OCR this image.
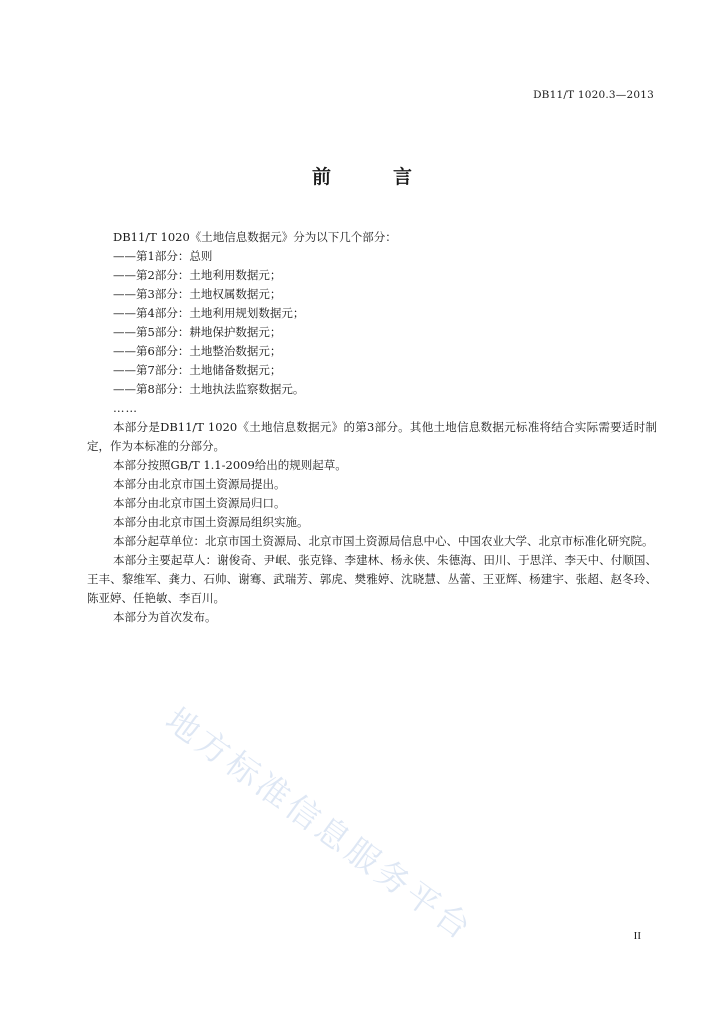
DB11/T 1020.3—2013
前言

DB11/T 1020《土地信息数据元》分为以下几个部分：

——第1部分：总则

——第2部分：土地利用数据元；

——第3部分：土地权属数据元；

——第4部分：土地利用规划数据元；

——第5部分：耕地保护数据元；

——第6部分：土地整治数据元；

——第7部分：土地储备数据元；

——第8部分：土地执法监察数据元。

……

本部分是DB11/T 1020《土地信息数据元》的第3部分。其他土地信息数据元标准将结合实际需要适时制定，作为本标准的分部分。

本部分按照GB/T 1.1-2009给出的规则起草。

本部分由北京市国土资源局提出。

本部分由北京市国土资源局归口。

本部分由北京市国土资源局组织实施。

本部分起草单位：北京市国土资源局、北京市国土资源局信息中心、中国农业大学、北京市标准化研究院。

本部分主要起草人：谢俊奇、尹岷、张克锋、李建林、杨永侠、朱德海、田川、于思洋、李天中、付顺国、王丰、黎维军、龚力、石帅、谢骞、武瑞芳、郭虎、樊雅婷、沈晓慧、丛蕾、王亚辉、杨建宇、张超、赵冬玲、陈亚婷、任艳敏、李百川。

本部分为首次发布。

地方标准信息服务平台	II
